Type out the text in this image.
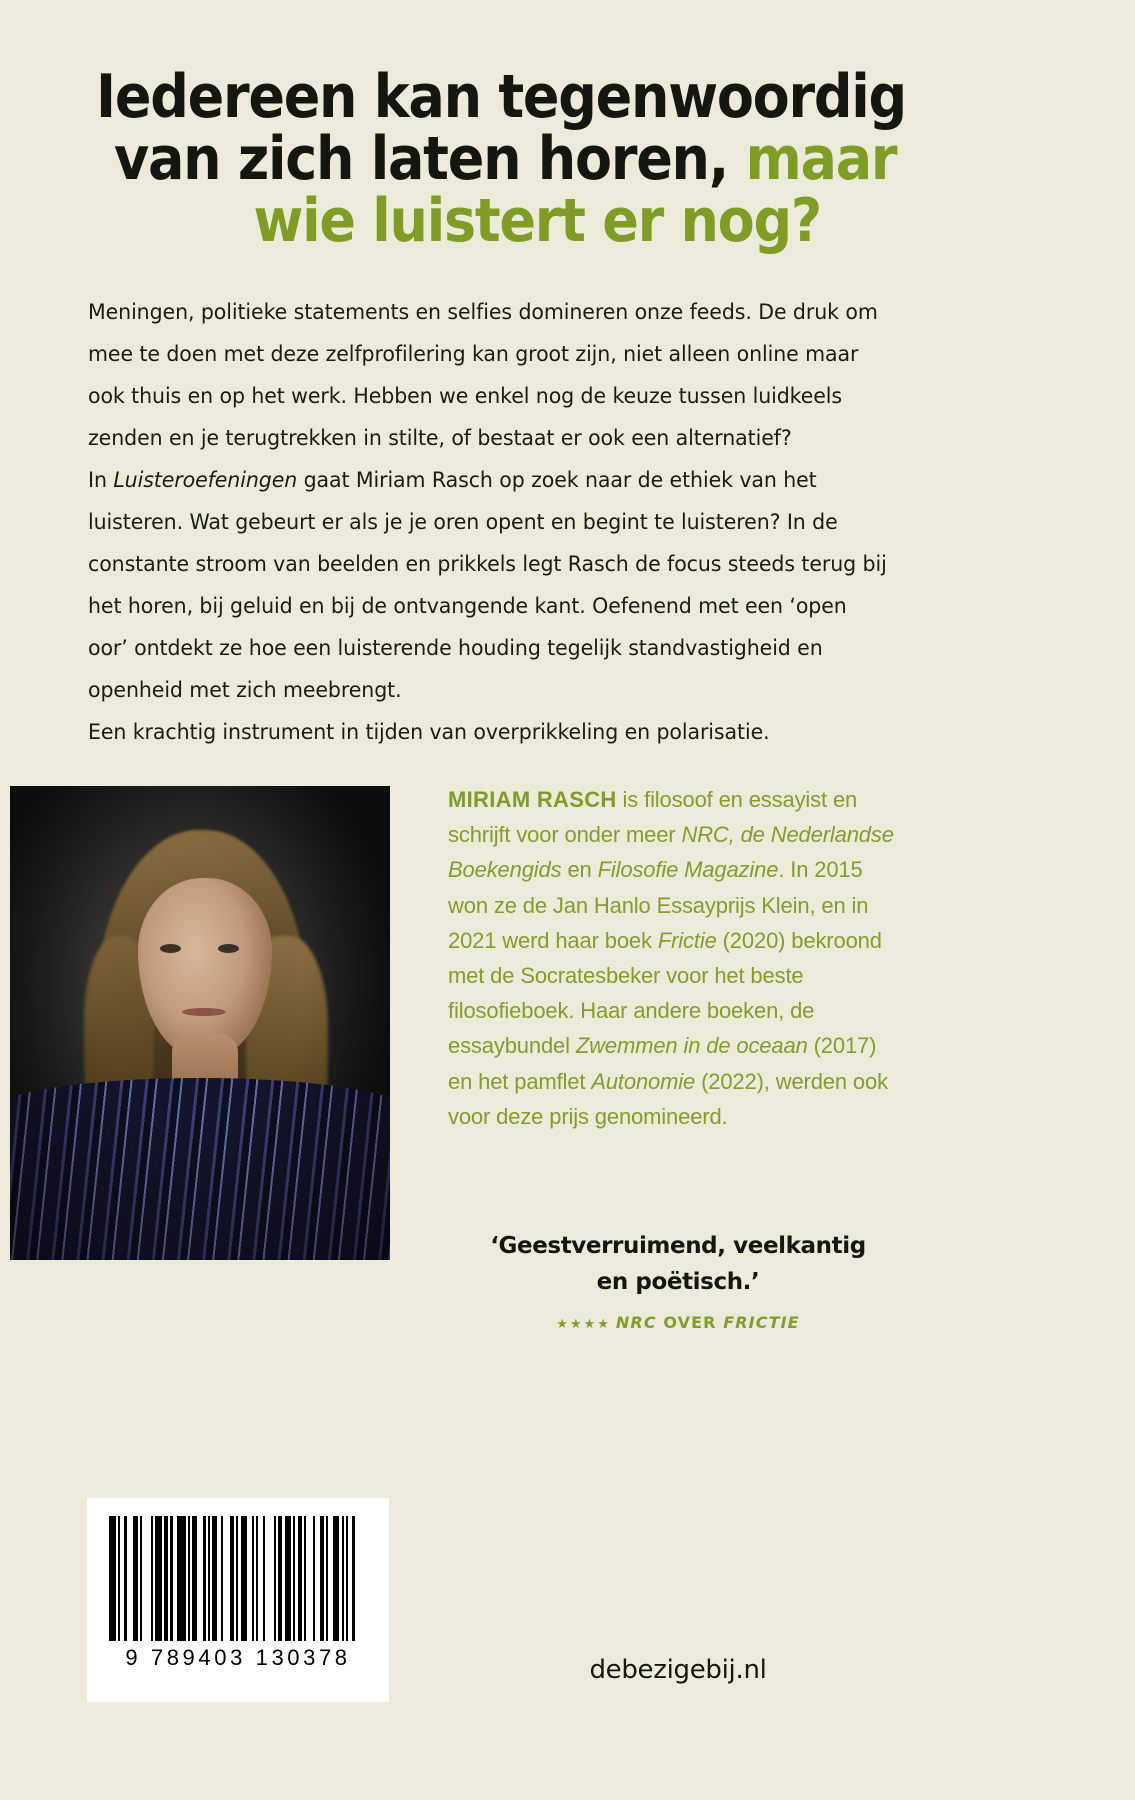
Iedereen kan tegenwoordig
van zich laten horen, maar
wie luistert er nog?

Meningen, politieke statements en selfies domineren onze feeds. De druk om mee te doen met deze zelfprofilering kan groot zijn, niet alleen online maar ook thuis en op het werk. Hebben we enkel nog de keuze tussen luidkeels zenden en je terugtrekken in stilte, of bestaat er ook een alternatief?

In Luisteroefeningen gaat Miriam Rasch op zoek naar de ethiek van het luisteren. Wat gebeurt er als je je oren opent en begint te luisteren? In de constante stroom van beelden en prikkels legt Rasch de focus steeds terug bij het horen, bij geluid en bij de ontvangende kant. Oefenend met een ‘open oor’ ontdekt ze hoe een luisterende houding tegelijk standvastigheid en openheid met zich meebrengt.

Een krachtig instrument in tijden van overprikkeling en polarisatie.

MIRIAM RASCH is filosoof en essayist en schrijft voor onder meer NRC, de Nederlandse Boekengids en Filosofie Magazine. In 2015 won ze de Jan Hanlo Essayprijs Klein, en in 2021 werd haar boek Frictie (2020) bekroond met de Socratesbeker voor het beste filosofieboek. Haar andere boeken, de essaybundel Zwemmen in de oceaan (2017) en het pamflet Autonomie (2022), werden ook voor deze prijs genomineerd.

‘Geestverruimend, veelkantig
en poëtisch.’
★★★★ NRC OVER FRICTIE
9 789403 130378	debezigebij.nl
